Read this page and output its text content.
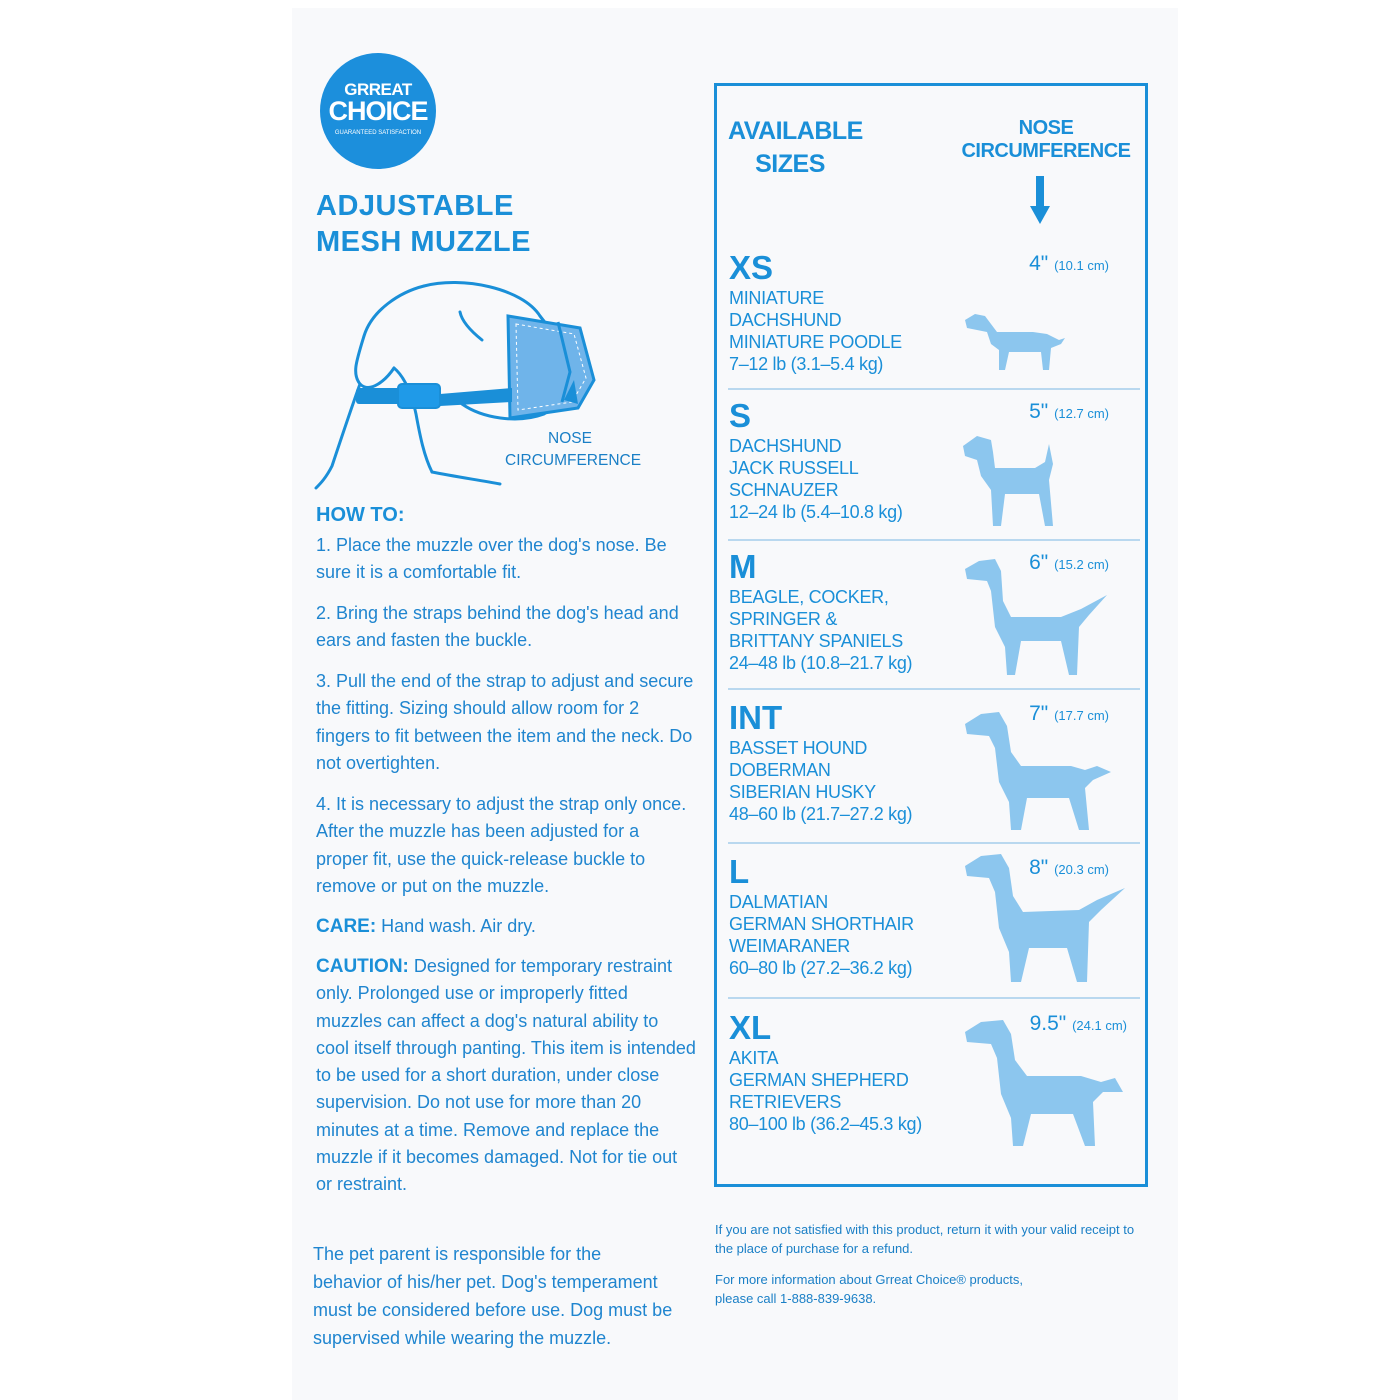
GRREAT
CHOICE
GUARANTEED SATISFACTION
ADJUSTABLE
MESH MUZZLE
NOSE
CIRCUMFERENCE
HOW TO:
1. Place the muzzle over the dog's nose. Be sure it is a comfortable fit.
2. Bring the straps behind the dog's head and ears and fasten the buckle.
3. Pull the end of the strap to adjust and secure the fitting. Sizing should allow room for 2 fingers to fit between the item and the neck. Do not overtighten.
4. It is necessary to adjust the strap only once. After the muzzle has been adjusted for a proper fit, use the quick-release buckle to remove or put on the muzzle.
CARE: Hand wash. Air dry.
CAUTION: Designed for temporary restraint only. Prolonged use or improperly fitted muzzles can affect a dog's natural ability to cool itself through panting. This item is intended to be used for a short duration, under close supervision. Do not use for more than 20 minutes at a time. Remove and replace the muzzle if it becomes damaged. Not for tie out or restraint.
The pet parent is responsible for the behavior of his/her pet. Dog's temperament must be considered before use. Dog must be supervised while wearing the muzzle.
AVAILABLE
SIZES
NOSE
CIRCUMFERENCE
XS
MINIATURE
DACHSHUND
MINIATURE POODLE
7–12 lb (3.1–5.4 kg)
4" (10.1 cm)
S
DACHSHUND
JACK RUSSELL
SCHNAUZER
12–24 lb (5.4–10.8 kg)
5" (12.7 cm)
M
BEAGLE, COCKER,
SPRINGER &
BRITTANY SPANIELS
24–48 lb (10.8–21.7 kg)
6" (15.2 cm)
INT
BASSET HOUND
DOBERMAN
SIBERIAN HUSKY
48–60 lb (21.7–27.2 kg)
7" (17.7 cm)
L
DALMATIAN
GERMAN SHORTHAIR
WEIMARANER
60–80 lb (27.2–36.2 kg)
8" (20.3 cm)
XL
AKITA
GERMAN SHEPHERD
RETRIEVERS
80–100 lb (36.2–45.3 kg)
9.5" (24.1 cm)
If you are not satisfied with this product, return it with your valid receipt to the place of purchase for a refund.
For more information about Grreat Choice® products, please call 1-888-839-9638.
